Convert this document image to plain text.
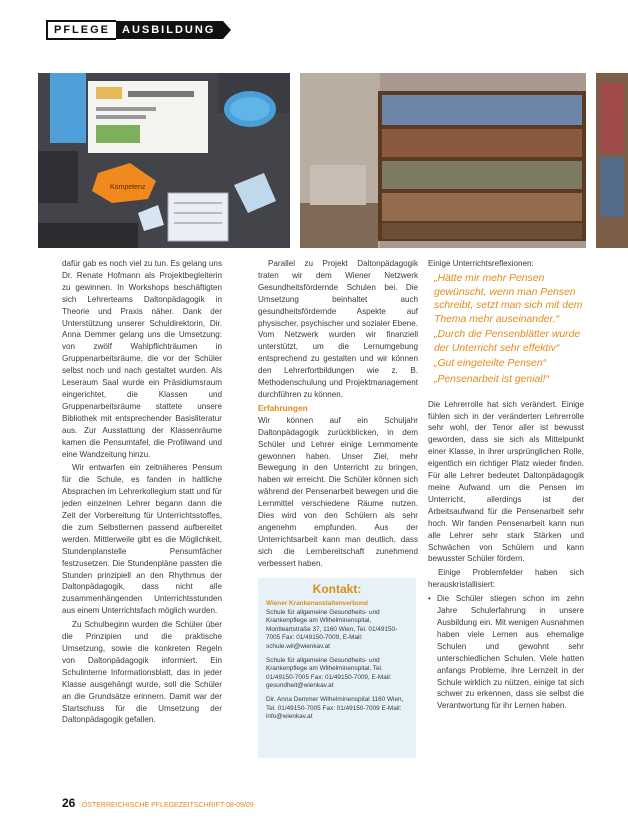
PFLEGE	AUSBILDUNG
Kompetenz

dafür gab es noch viel zu tun. Es gelang uns Dr. Renate Hofmann als Projektbegleiterin zu gewinnen. In Workshops beschäftigten sich Lehrerteams Daltonpädagogik in Theorie und Praxis näher. Dank der Unterstützung unserer Schuldirektorin, Dir. Anna Demmer gelang uns die Umsetzung: von zwölf Wahlpflichträumen in Gruppenarbeitsräume, die vor der Schüler selbst noch und nach gestaltet wurden. Als Leseraum Saal wurde ein Präsidiumsraum eingerichtet, die Klassen und Gruppenarbeitsräume stattete unsere Bibliothek mit entsprechender Basisliteratur aus. Zur Ausstattung der Klassenräume kamen die Pensumtafel, die Profilwand und eine Wandzeitung hinzu.

Wir entwarfen ein zeitnäheres Pensum für die Schule, es fanden in haltliche Absprachen im Lehrerkollegium statt und für jeden einzelnen Lehrer begann dann die Zeit der Vorbereitung für Unterrichtsstoffes, die zum Selbstlernen passend aufbereitet werden. Mittlerweile gibt es die Möglichkeit, Stundenplanstelle Pensumfächer festzusetzen. Die Stundenpläne passten die Stunden prinzipiell an den Rhythmus der Daltonpädagogik, dass nicht alle zusammenhängenden Unterrichtsstunden aus einem Unterrichtsfach möglich wurden.

Zu Schulbeginn wurden die Schüler über die Prinzipien und die praktische Umsetzung, sowie die konkreten Regeln von Daltonpädagogik informiert. Ein Schulinterne Informationsblatt, das in jeder Klasse ausgehängt wurde, soll die Schüler an die Grundsätze erinnern. Damit war der Startschuss für die Umsetzung der Daltonpädagogik gefallen.

Parallel zu Projekt Daltonpädagogik traten wir dem Wiener Netzwerk Gesundheitsfördernde Schulen bei. Die Umsetzung beinhaltet auch gesundheitsfördernde Aspekte auf physischer, psychischer und sozialer Ebene. Vom Netzwerk wurden wir finanziell unterstützt, um die Lernumgebung entsprechend zu gestalten und wir können den Lehrerfortbildungen wie z. B. Methodenschulung und Projektmanagement durchführen zu können.

Erfahrungen

Wir können auf ein Schuljahr Daltonpädagogik zurückblicken, in dem Schüler und Lehrer einige Lernmomente gewonnen haben. Unser Ziel, mehr Bewegung in den Unterricht zu bringen, haben wir erreicht. Die Schüler können sich während der Pensenarbeit bewegen und die Lernmittel verschiedene Räume nutzen. Dies wird von den Schülern als sehr angenehm empfunden. Aus der Unterrichtsarbeit kann man deutlich, dass sich die Lernbereitschaft zunehmend verbessert haben.

Kontakt:
Wiener Krankenanstaltenverbund

Schule für allgemeine Gesundheits- und Krankenpflege am Wilhelminenspital, Montleartstraße 37, 1160 Wien, Tel. 01/49150-7005 Fax: 01/49150-7009, E-Mail: schule.wil@wienkav.at

Schule für allgemeine Gesundheits- und Krankenpflege am Wilhelminenspital, Tel. 01/49150-7005 Fax: 01/49150-7009, E-Mail: gesundheit@wienkav.at

Dir. Anna Demmer Wilhelminenspital 1160 Wien, Tel. 01/49150-7005 Fax: 01/49150-7009 E-Mail: info@wienkav.at

Einige Unterrichtsreflexionen:

„Hätte mir mehr Pensen gewünscht, wenn man Pensen schreibt, setzt man sich mit dem Thema mehr auseinander.“

„Durch die Pensenblätter wurde der Unterricht sehr effektiv“

„Gut eingeteilte Pensen“

„Pensenarbeit ist genial!“

Die Lehrerrolle hat sich verändert. Einige fühlen sich in der veränderten Lehrerrolle sehr wohl, der Tenor aller ist bewusst geworden, dass sie sich als Mittelpunkt einer Klasse, in ihrer ursprünglichen Rolle, eigentlich ein richtiger Platz wieder finden. Für alle Lehrer bedeutet Daltonpädagogik meine Aufwand um die Pensen im Unterricht, allerdings ist der Arbeitsaufwand für die Pensenarbeit sehr hoch. Wir fanden Pensenarbeit kann nun alle Lehrer sehr stark Stärken und Schwächen von Schülern und kann bewusster Schüler fördern.

Einige Problemfelder haben sich herauskristallisiert:

• Die Schüler stiegen schon im zehn Jahre Schulerfahrung in unsere Ausbildung ein. Mit wenigen Ausnahmen haben viele Lernen aus ehemalige Schulen und gewohnt sehr unterschiedlichen Schulen. Viele hatten anfangs Probleme, ihre Lernzeit in der Schule wirklich zu nützen, einige tat sich schwer zu erkennen, dass sie selbst die Verantwortung für ihr Lernen haben.

26 ÖSTERREICHISCHE PFLEGEZEITSCHRIFT 08-09/09
